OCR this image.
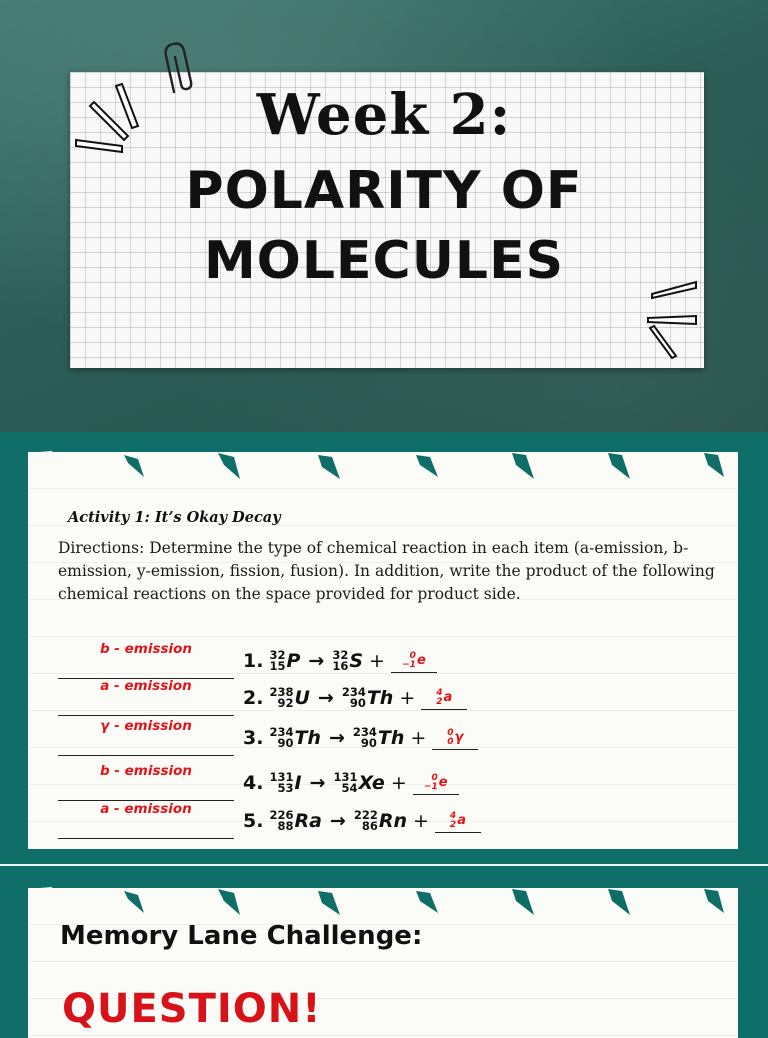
Week 2:
POLARITY OF
MOLECULES
Activity 1: It’s Okay Decay
Directions: Determine the type of chemical reaction in each item (a-emission, b- emission, y-emission, fission, fusion). In addition, write the product of the following chemical reactions on the space provided for product side.
b - emission
1. 32
15 P → 32
16 S +	0
−1 e
a - emission
2. 238
92 U → 234
90 Th + 4
2 a
γ - emission
3. 234
90 Th → 234
90 Th + 0
0 γ
b - emission
4. 131
53 I → 131
54 Xe +	0
−1 e
a - emission
5. 226
88 Ra → 222
86 Rn + 4
2 a
Memory Lane Challenge:
QUESTION!
